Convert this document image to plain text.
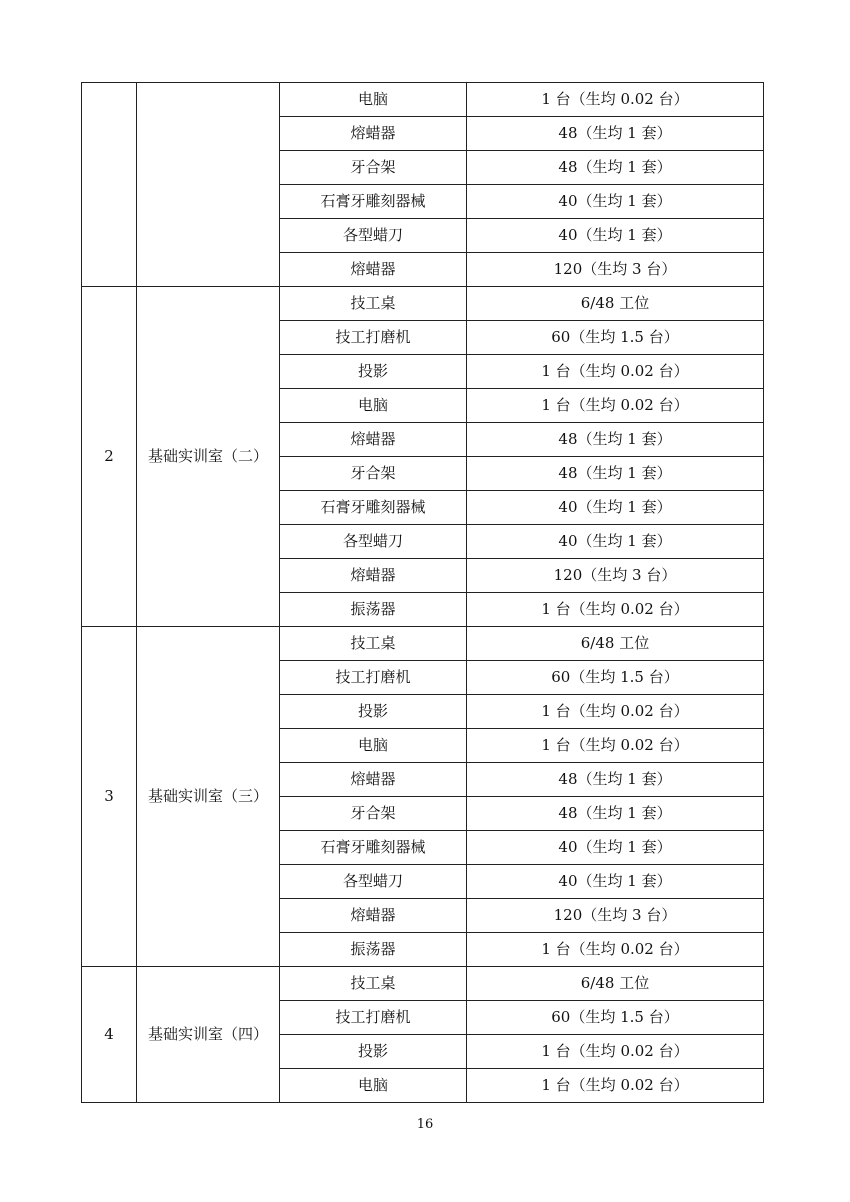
		电脑	1 台（生均 0.02 台）
		熔蜡器	48（生均 1 套）
		牙合架	48（生均 1 套）
		石膏牙雕刻器械	40（生均 1 套）
		各型蜡刀	40（生均 1 套）
		熔蜡器	120（生均 3 台）
2	基础实训室（二）	技工桌	6/48 工位
		技工打磨机	60（生均 1.5 台）
		投影	1 台（生均 0.02 台）
		电脑	1 台（生均 0.02 台）
		熔蜡器	48（生均 1 套）
		牙合架	48（生均 1 套）
		石膏牙雕刻器械	40（生均 1 套）
		各型蜡刀	40（生均 1 套）
		熔蜡器	120（生均 3 台）
		振荡器	1 台（生均 0.02 台）
3	基础实训室（三）	技工桌	6/48 工位
		技工打磨机	60（生均 1.5 台）
		投影	1 台（生均 0.02 台）
		电脑	1 台（生均 0.02 台）
		熔蜡器	48（生均 1 套）
		牙合架	48（生均 1 套）
		石膏牙雕刻器械	40（生均 1 套）
		各型蜡刀	40（生均 1 套）
		熔蜡器	120（生均 3 台）
		振荡器	1 台（生均 0.02 台）
4	基础实训室（四）	技工桌	6/48 工位
		技工打磨机	60（生均 1.5 台）
		投影	1 台（生均 0.02 台）
		电脑	1 台（生均 0.02 台）
16
